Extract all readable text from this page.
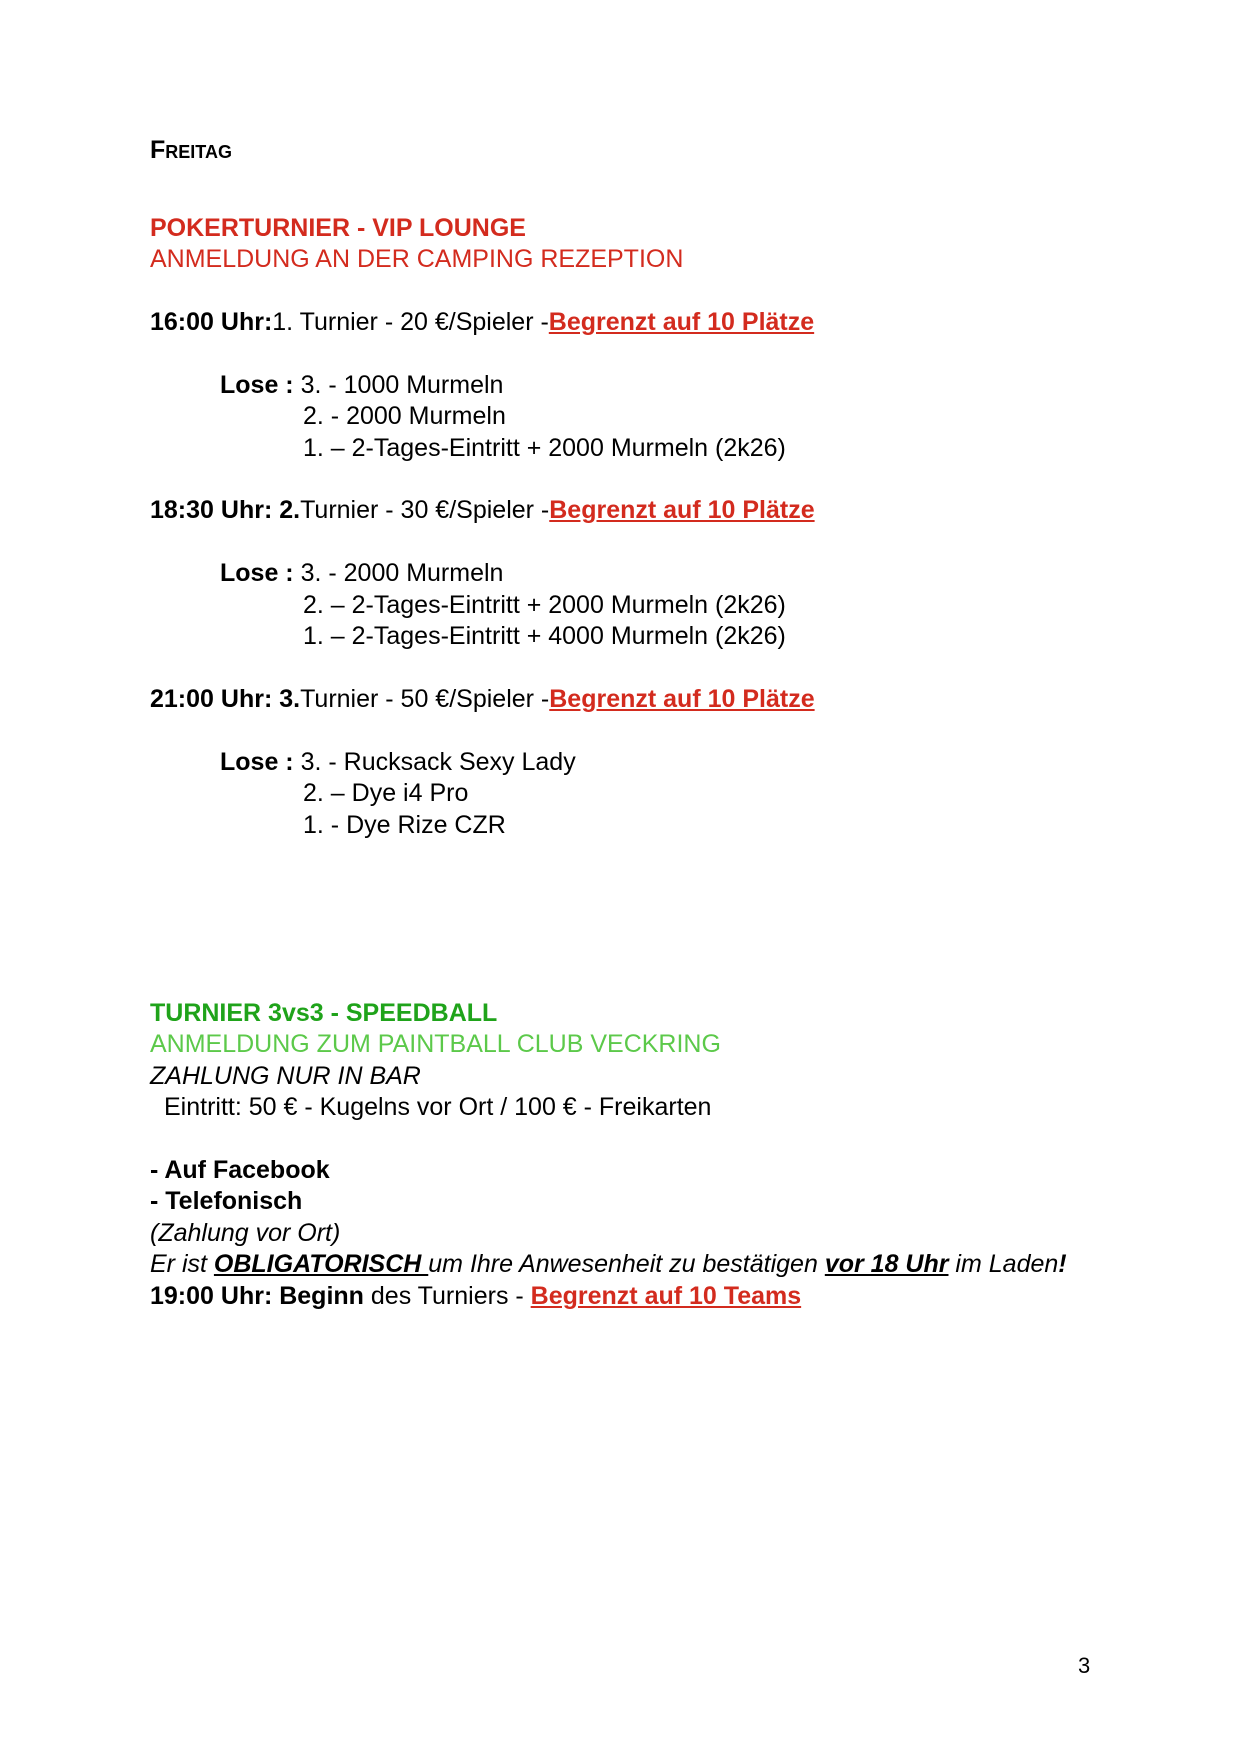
FREITAG
POKERTURNIER - VIP LOUNGE
ANMELDUNG AN DER CAMPING REZEPTION
16:00 Uhr:1. Turnier - 20 €/Spieler -Begrenzt auf 10 Plätze
Lose : 3. - 1000 Murmeln
2. - 2000 Murmeln
1. – 2-Tages-Eintritt + 2000 Murmeln (2k26)
18:30 Uhr: 2.Turnier - 30 €/Spieler -Begrenzt auf 10 Plätze
Lose : 3. - 2000 Murmeln
2. – 2-Tages-Eintritt + 2000 Murmeln (2k26)
1. – 2-Tages-Eintritt + 4000 Murmeln (2k26)
21:00 Uhr: 3.Turnier - 50 €/Spieler -Begrenzt auf 10 Plätze
Lose : 3. - Rucksack Sexy Lady
2. – Dye i4 Pro
1. - Dye Rize CZR
TURNIER 3vs3 - SPEEDBALL
ANMELDUNG ZUM PAINTBALL CLUB VECKRING
ZAHLUNG NUR IN BAR
Eintritt: 50 € - Kugelns vor Ort / 100 € - Freikarten
- Auf Facebook
- Telefonisch
(Zahlung vor Ort)
Er ist OBLIGATORISCH um Ihre Anwesenheit zu bestätigen vor 18 Uhr im Laden!
19:00 Uhr: Beginn des Turniers - Begrenzt auf 10 Teams
3
